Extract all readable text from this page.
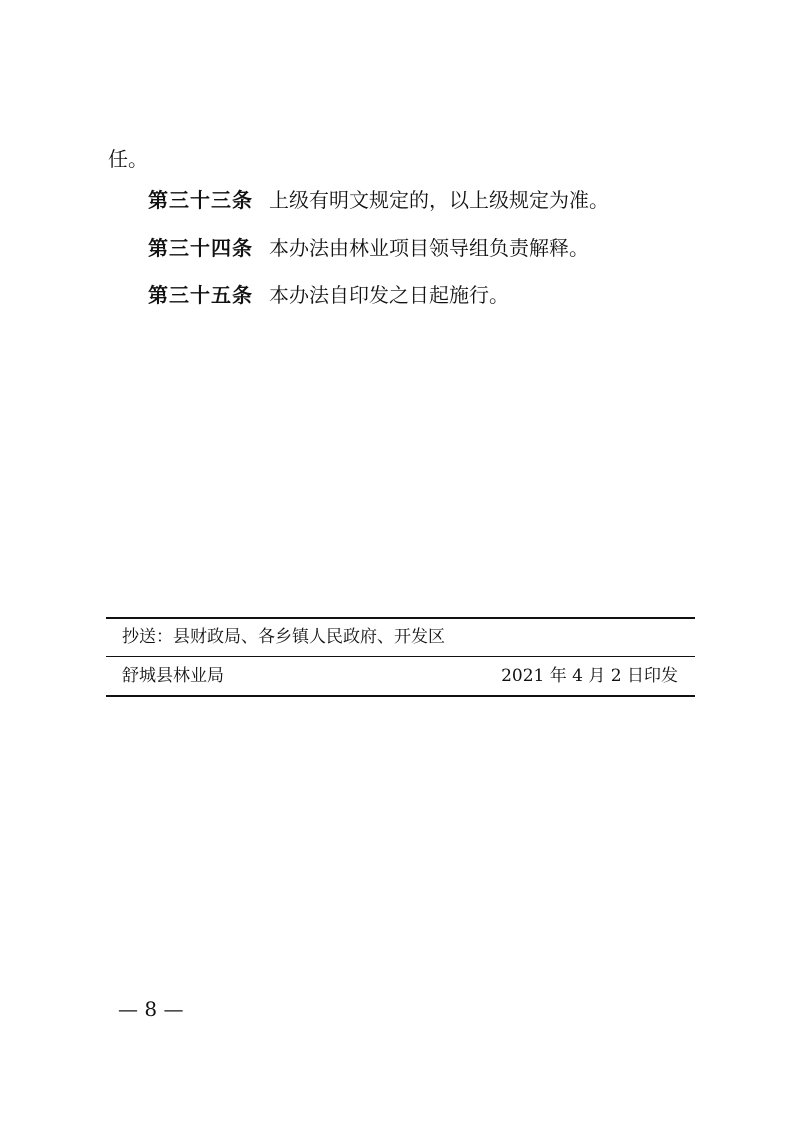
任。
第三十三条 上级有明文规定的，以上级规定为准。
第三十四条 本办法由林业项目领导组负责解释。
第三十五条 本办法自印发之日起施行。
抄送：县财政局、各乡镇人民政府、开发区
舒城县林业局	2021 年 4 月 2 日印发
— 8 —
